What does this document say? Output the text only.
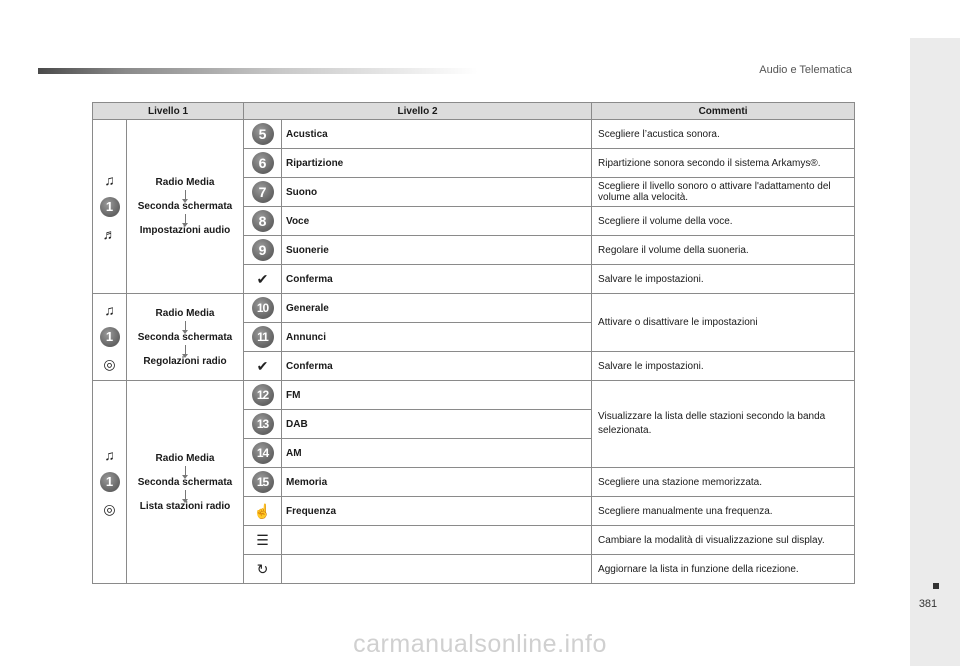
Audio e Telematica
381
Livello 1		Livello 2		Commenti

♫
1
♬	Radio Media
Seconda schermata
Impostazioni audio	5	Acustica	Scegliere l’acustica sonora.
		6	Ripartizione	Ripartizione sonora secondo il sistema Arkamys®.
		7	Suono	Scegliere il livello sonoro o attivare l'adattamento del volume alla velocità.
		8	Voce	Scegliere il volume della voce.
		9	Suonerie	Regolare il volume della suoneria.
		✔	Conferma	Salvare le impostazioni.

♫
1
◎	Radio Media
Seconda schermata
Regolazioni radio	10	Generale	Attivare o disattivare le impostazioni
		11	Annunci	
		✔	Conferma	Salvare le impostazioni.

♫
1
◎	Radio Media
Seconda schermata
Lista stazioni radio	12	FM	Visualizzare la lista delle stazioni secondo la banda selezionata.
		13	DAB	
		14	AM	
		15	Memoria	Scegliere una stazione memorizzata.
		☝	Frequenza	Scegliere manualmente una frequenza.
		☰		Cambiare la modalità di visualizzazione sul display.
		↻		Aggiornare la lista in funzione della ricezione.
carmanualsonline.info
